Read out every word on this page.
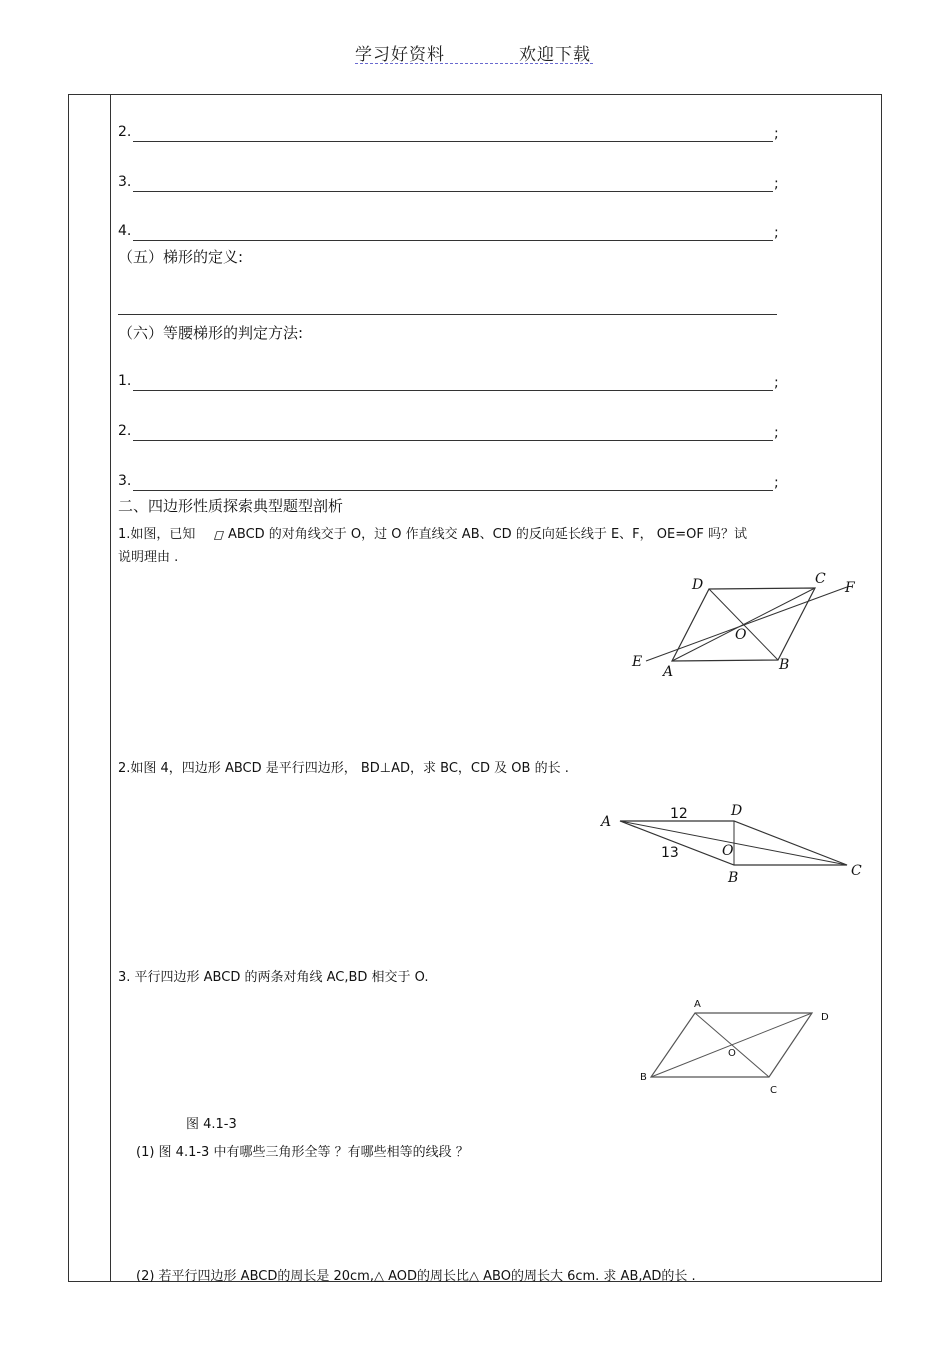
学习好资料	欢迎下载
2.	;
3.	;
4.	;
（五）梯形的定义:
（六）等腰梯形的判定方法:
1.	;
2.	;
3.	;
二、四边形性质探索典型题型剖析
1.如图，已知	ABCD 的对角线交于 O，过 O 作直线交 AB、CD 的反向延长线于 E、F， OE=OF 吗？试
说明理由 .
D	C
F
O
E
A	B
2.如图 4，四边形 ABCD 是平行四边形， BD⊥AD，求 BC，CD 及 OB 的长 .
A
D
O
B	C
12
13
3. 平行四边形 ABCD 的两条对角线 AC,BD 相交于 O.
A
D
O
B
C
图 4.1-3
(1) 图 4.1-3 中有哪些三角形全等 ？有哪些相等的线段 ？
(2) 若平行四边形 ABCD的周长是 20cm,△ AOD的周长比△ ABO的周长大 6cm. 求 AB,AD的长 .
